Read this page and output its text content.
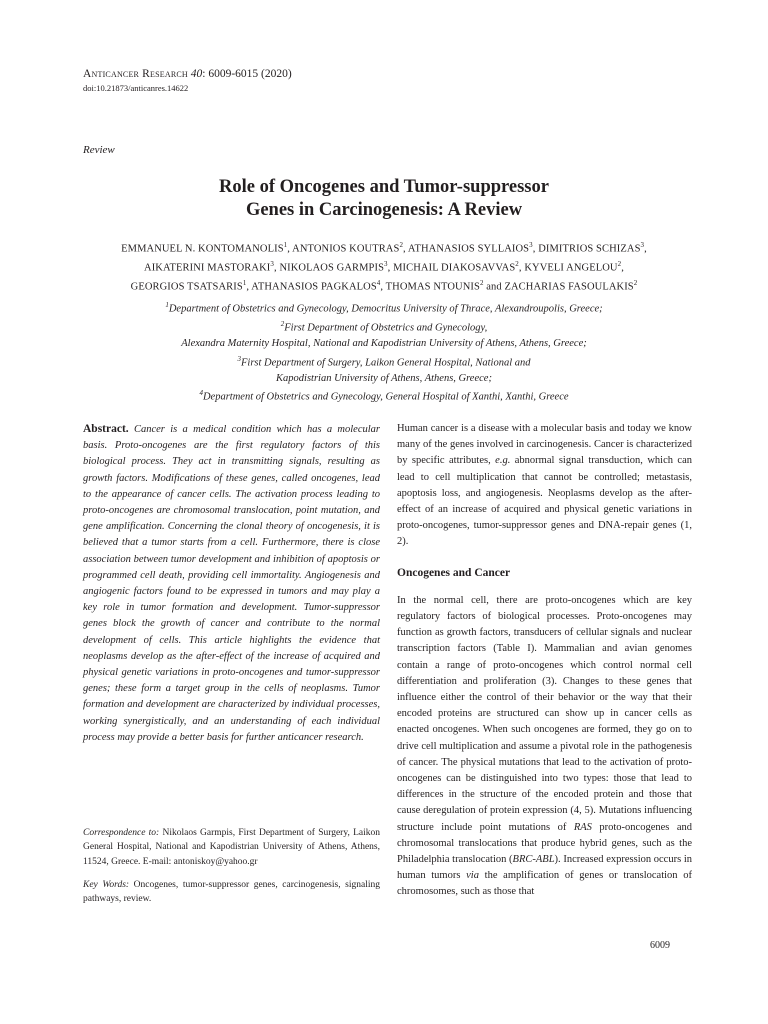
Anticancer Research 40: 6009-6015 (2020)
doi:10.21873/anticanres.14622
Review
Role of Oncogenes and Tumor-suppressor
Genes in Carcinogenesis: A Review
EMMANUEL N. KONTOMANOLIS$^1$, ANTONIOS KOUTRAS$^2$, ATHANASIOS SYLLAIOS$^3$, DIMITRIOS SCHIZAS$^3$,
AIKATERINI MASTORAKI$^3$, NIKOLAOS GARMPIS$^3$, MICHAIL DIAKOSAVVAS$^2$, KYVELI ANGELOU$^2$,
GEORGIOS TSATSARIS$^1$, ATHANASIOS PAGKALOS$^4$, THOMAS NTOUNIS$^2$ and ZACHARIAS FASOULAKIS$^2$
$^1$Department of Obstetrics and Gynecology, Democritus University of Thrace, Alexandroupolis, Greece;
$^2$First Department of Obstetrics and Gynecology,
Alexandra Maternity Hospital, National and Kapodistrian University of Athens, Athens, Greece;
$^3$First Department of Surgery, Laikon General Hospital, National and
Kapodistrian University of Athens, Athens, Greece;
$^4$Department of Obstetrics and Gynecology, General Hospital of Xanthi, Xanthi, Greece

Abstract. Cancer is a medical condition which has a molecular basis. Proto-oncogenes are the first regulatory factors of this biological process. They act in transmitting signals, resulting as growth factors. Modifications of these genes, called oncogenes, lead to the appearance of cancer cells. The activation process leading to proto-oncogenes are chromosomal translocation, point mutation, and gene amplification. Concerning the clonal theory of oncogenesis, it is believed that a tumor starts from a cell. Furthermore, there is close association between tumor development and inhibition of apoptosis or programmed cell death, providing cell immortality. Angiogenesis and angiogenic factors found to be expressed in tumors and may play a key role in tumor formation and development. Tumor-suppressor genes block the growth of cancer and contribute to the normal development of cells. This article highlights the evidence that neoplasms develop as the after-effect of the increase of acquired and physical genetic variations in proto-oncogenes and tumor-suppressor genes; these form a target group in the cells of neoplasms. Tumor formation and development are characterized by individual processes, working synergistically, and an understanding of each individual process may provide a better basis for further anticancer research.

Correspondence to: Nikolaos Garmpis, First Department of Surgery, Laikon General Hospital, National and Kapodistrian University of Athens, Athens, 11524, Greece. E-mail: antoniskoy@yahoo.gr
Key Words: Oncogenes, tumor-suppressor genes, carcinogenesis, signaling pathways, review.

Human cancer is a disease with a molecular basis and today we know many of the genes involved in carcinogenesis. Cancer is characterized by specific attributes, e.g. abnormal signal transduction, which can lead to cell multiplication that cannot be controlled; metastasis, apoptosis loss, and angiogenesis. Neoplasms develop as the after-effect of an increase of acquired and physical genetic variations in proto-oncogenes, tumor-suppressor genes and DNA-repair genes (1, 2).

Oncogenes and Cancer

In the normal cell, there are proto-oncogenes which are key regulatory factors of biological processes. Proto-oncogenes may function as growth factors, transducers of cellular signals and nuclear transcription factors (Table I). Mammalian and avian genomes contain a range of proto-oncogenes which control normal cell differentiation and proliferation (3). Changes to these genes that influence either the control of their behavior or the way that their encoded proteins are structured can show up in cancer cells as enacted oncogenes. When such oncogenes are formed, they go on to drive cell multiplication and assume a pivotal role in the pathogenesis of cancer. The physical mutations that lead to the activation of proto-oncogenes can be distinguished into two types: those that lead to differences in the structure of the encoded protein and those that cause deregulation of protein expression (4, 5). Mutations influencing structure include point mutations of RAS proto-oncogenes and chromosomal translocations that produce hybrid genes, such as the Philadelphia translocation (BRC-ABL). Increased expression occurs in human tumors via the amplification of genes or translocation of chromosomes, such as those that

6009
